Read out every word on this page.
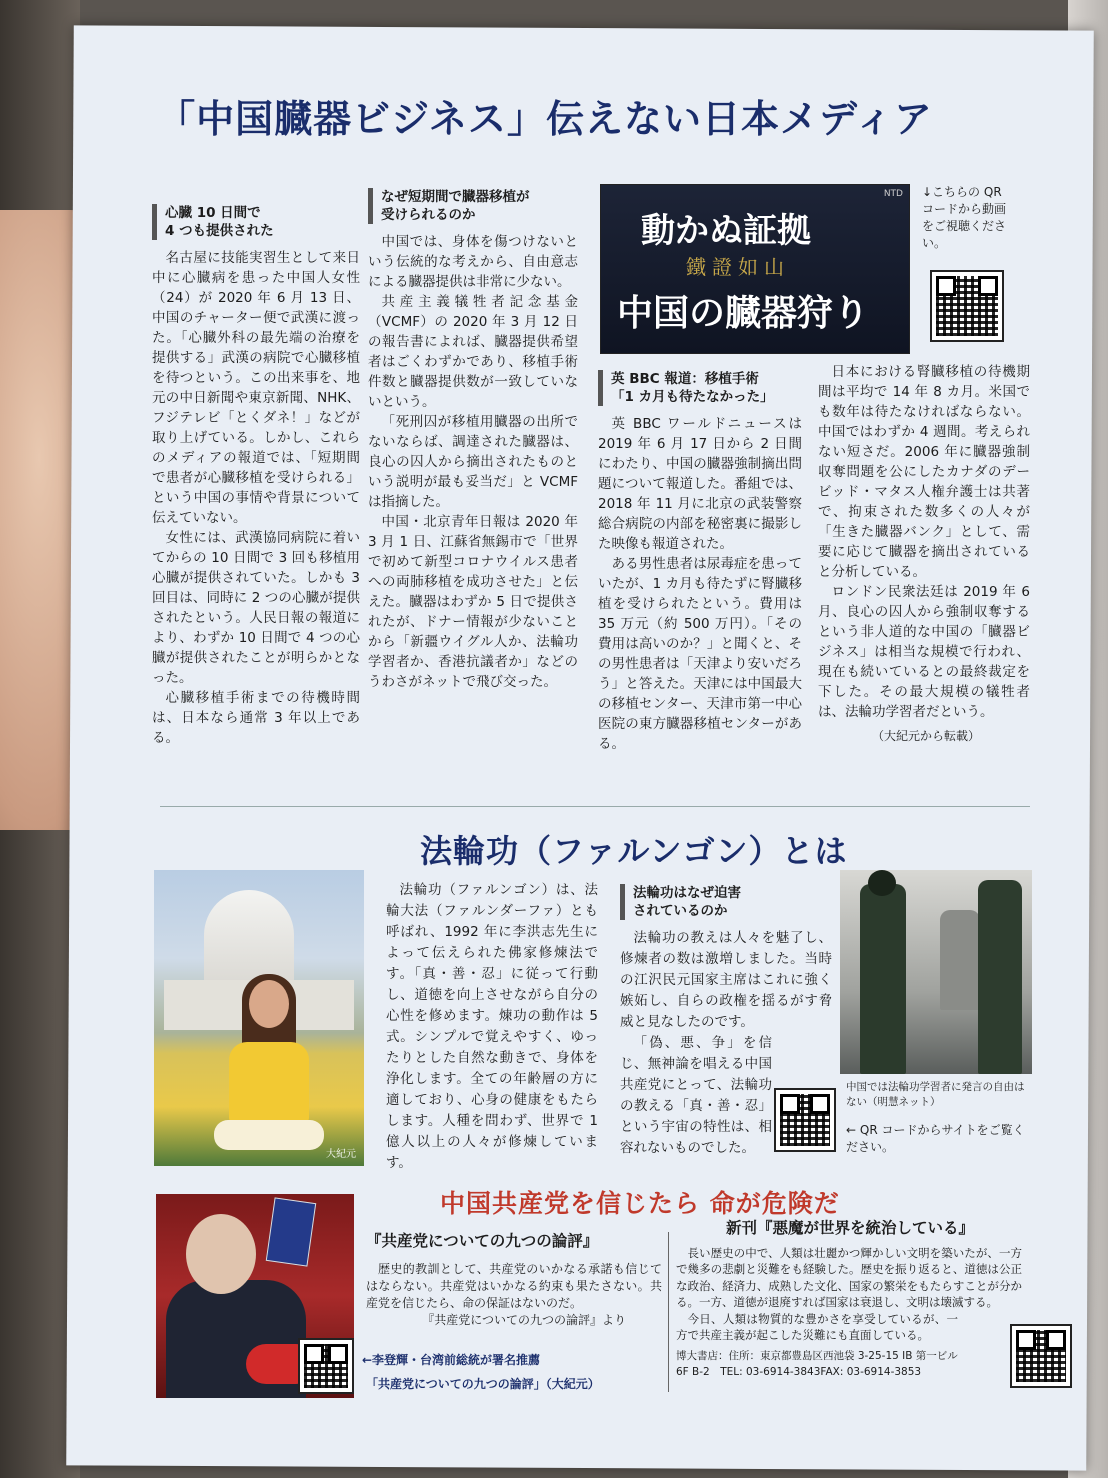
「中国臓器ビジネス」伝えない日本メディア
心臓 10 日間で
4 つも提供された

名古屋に技能実習生として来日中に心臓病を患った中国人女性（24）が 2020 年 6 月 13 日、中国のチャーター便で武漢に渡った。「心臓外科の最先端の治療を提供する」武漢の病院で心臓移植を待つという。この出来事を、地元の中日新聞や東京新聞、NHK、フジテレビ「とくダネ！」などが取り上げている。しかし、これらのメディアの報道では、「短期間で患者が心臓移植を受けられる」という中国の事情や背景について伝えていない。

女性には、武漢協同病院に着いてからの 10 日間で 3 回も移植用心臓が提供されていた。しかも 3 回目は、同時に 2 つの心臓が提供されたという。人民日報の報道により、わずか 10 日間で 4 つの心臓が提供されたことが明らかとなった。

心臓移植手術までの待機時間は、日本なら通常 3 年以上である。

なぜ短期間で臓器移植が
受けられるのか

中国では、身体を傷つけないという伝統的な考えから、自由意志による臓器提供は非常に少ない。

共産主義犠牲者記念基金（VCMF）の 2020 年 3 月 12 日の報告書によれば、臓器提供希望者はごくわずかであり、移植手術件数と臓器提供数が一致していないという。

「死刑囚が移植用臓器の出所でないならば、調達された臓器は、良心の囚人から摘出されたものという説明が最も妥当だ」と VCMF は指摘した。

中国・北京青年日報は 2020 年 3 月 1 日、江蘇省無錫市で「世界で初めて新型コロナウイルス患者への両肺移植を成功させた」と伝えた。臓器はわずか 5 日で提供されたが、ドナー情報が少ないことから「新疆ウイグル人か、法輪功学習者か、香港抗議者か」などのうわさがネットで飛び交った。

NTD
動かぬ証拠
鐵證如山
中国の臓器狩り
↓こちらの QR コードから動画をご視聴ください。
英 BBC 報道：移植手術
「1 カ月も待たなかった」

英 BBC ワールドニュースは 2019 年 6 月 17 日から 2 日間にわたり、中国の臓器強制摘出問題について報道した。番組では、2018 年 11 月に北京の武装警察総合病院の内部を秘密裏に撮影した映像も報道された。

ある男性患者は尿毒症を患っていたが、1 カ月も待たずに腎臓移植を受けられたという。費用は 35 万元（約 500 万円）。「その費用は高いのか？」と聞くと、その男性患者は「天津より安いだろう」と答えた。天津には中国最大の移植センター、天津市第一中心医院の東方臓器移植センターがある。

日本における腎臓移植の待機期間は平均で 14 年 8 カ月。米国でも数年は待たなければならない。中国ではわずか 4 週間。考えられない短さだ。2006 年に臓器強制収奪問題を公にしたカナダのデービッド・マタス人権弁護士は共著で、拘束された数多くの人々が「生きた臓器バンク」として、需要に応じて臓器を摘出されていると分析している。

ロンドン民衆法廷は 2019 年 6 月、良心の囚人から強制収奪するという非人道的な中国の「臓器ビジネス」は相当な規模で行われ、現在も続いているとの最終裁定を下した。その最大規模の犠牲者は、法輪功学習者だという。

（大紀元から転載）
法輪功（ファルンゴン）とは
大紀元

法輪功（ファルンゴン）は、法輪大法（ファルンダーファ）とも呼ばれ、1992 年に李洪志先生によって伝えられた佛家修煉法です。「真・善・忍」に従って行動し、道徳を向上させながら自分の心性を修めます。煉功の動作は 5 式。シンプルで覚えやすく、ゆったりとした自然な動きで、身体を浄化します。全ての年齢層の方に適しており、心身の健康をもたらします。人種を問わず、世界で 1 億人以上の人々が修煉しています。

法輪功はなぜ迫害
されているのか

法輪功の教えは人々を魅了し、修煉者の数は激増しました。当時の江沢民元国家主席はこれに強く嫉妬し、自らの政権を揺るがす脅威と見なしたのです。

「偽、悪、争」を信じ、無神論を唱える中国共産党にとって、法輪功の教える「真・善・忍」という宇宙の特性は、相容れないものでした。

中国では法輪功学習者に発言の自由はない（明慧ネット）
← QR コードからサイトをご覧ください。
中国共産党を信じたら 命が危険だ
『共産党についての九つの論評』

歴史的教訓として、共産党のいかなる承諾も信じてはならない。共産党はいかなる約束も果たさない。共産党を信じたら、命の保証はないのだ。

『共産党についての九つの論評』より
←李登輝・台湾前総統が署名推薦
「共産党についての九つの論評」（大紀元）
新刊『悪魔が世界を統治している』

長い歴史の中で、人類は壮麗かつ輝かしい文明を築いたが、一方で幾多の悲劇と災難をも経験した。歴史を振り返ると、道徳は公正な政治、経済力、成熟した文化、国家の繁栄をもたらすことが分かる。一方、道徳が退廃すれば国家は衰退し、文明は壊滅する。

今日、人類は物質的な豊かさを享受しているが、一方で共産主義が起こした災難にも直面している。

博大書店：住所：東京都豊島区西池袋 3-25-15 IB 第一ビル 6F B-2　TEL: 03-6914-3843FAX: 03-6914-3853
